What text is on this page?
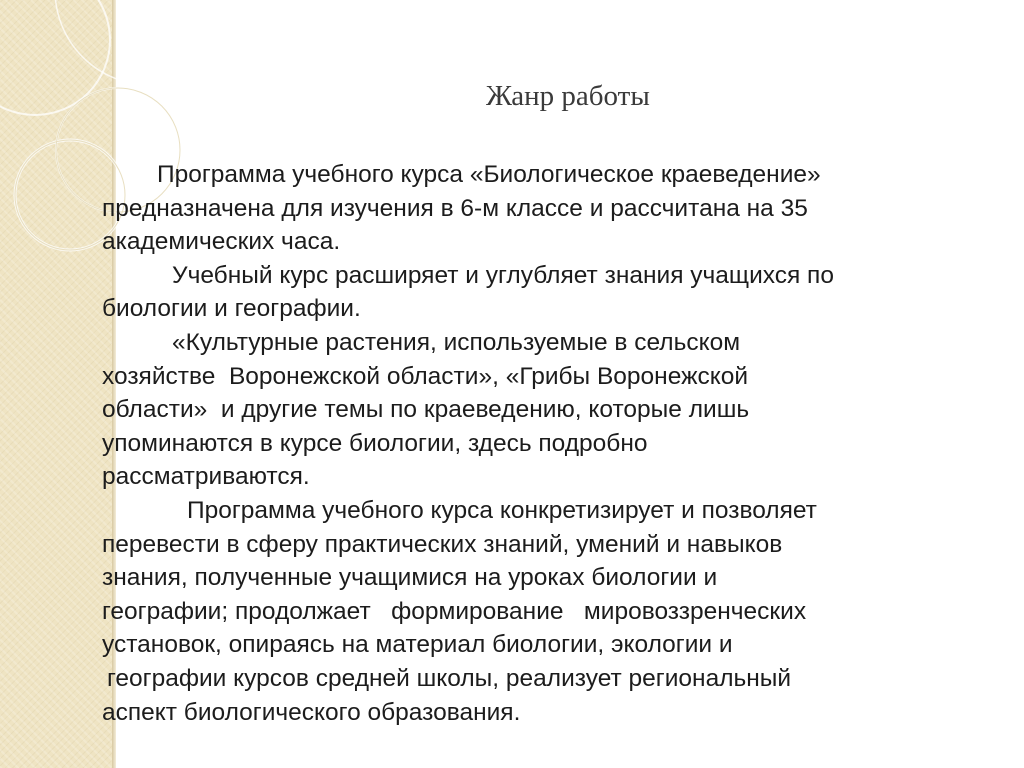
Жанр работы
Программа учебного курса «Биологическое краеведение»
предназначена для изучения в 6-м классе и рассчитана на 35
академических часа.
Учебный курс расширяет и углубляет знания учащихся по
биологии и географии.
«Культурные растения, используемые в сельском
хозяйстве  Воронежской области», «Грибы Воронежской
области»  и другие темы по краеведению, которые лишь
упоминаются в курсе биологии, здесь подробно
рассматриваются.
Программа учебного курса конкретизирует и позволяет
перевести в сферу практических знаний, умений и навыков
знания, полученные учащимися на уроках биологии и
географии; продолжает   формирование   мировоззренческих
установок, опираясь на материал биологии, экологии и
географии курсов средней школы, реализует региональный
аспект биологического образования.
